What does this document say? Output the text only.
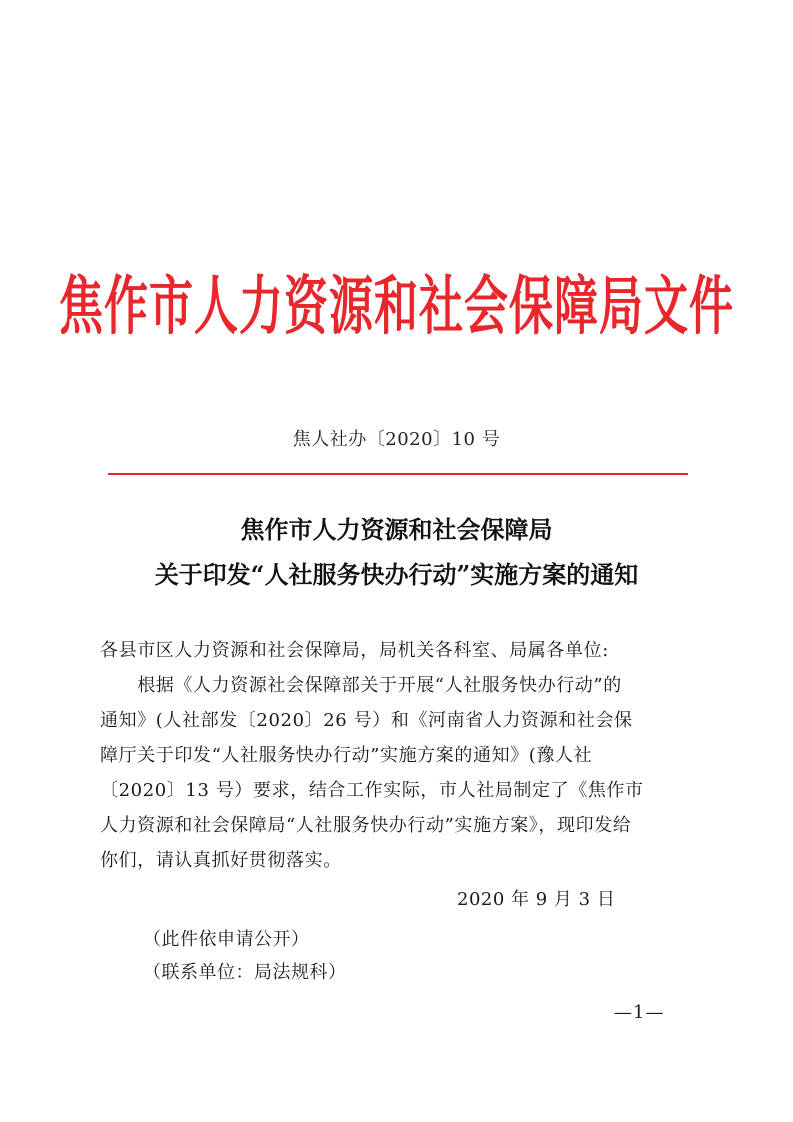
焦作市人力资源和社会保障局文件
焦人社办〔2020〕10 号
焦作市人力资源和社会保障局
关于印发“人社服务快办行动”实施方案的通知
各县市区人力资源和社会保障局，局机关各科室、局属各单位:
　　根据《人力资源社会保障部关于开展“人社服务快办行动”的
通知》(人社部发〔2020〕26 号）和《河南省人力资源和社会保
障厅关于印发“人社服务快办行动”实施方案的通知》(豫人社
〔2020〕13 号）要求，结合工作实际，市人社局制定了《焦作市
人力资源和社会保障局“人社服务快办行动”实施方案》，现印发给
你们，请认真抓好贯彻落实。
2020 年 9 月 3 日
（此件依申请公开）
（联系单位：局法规科）
—1—
